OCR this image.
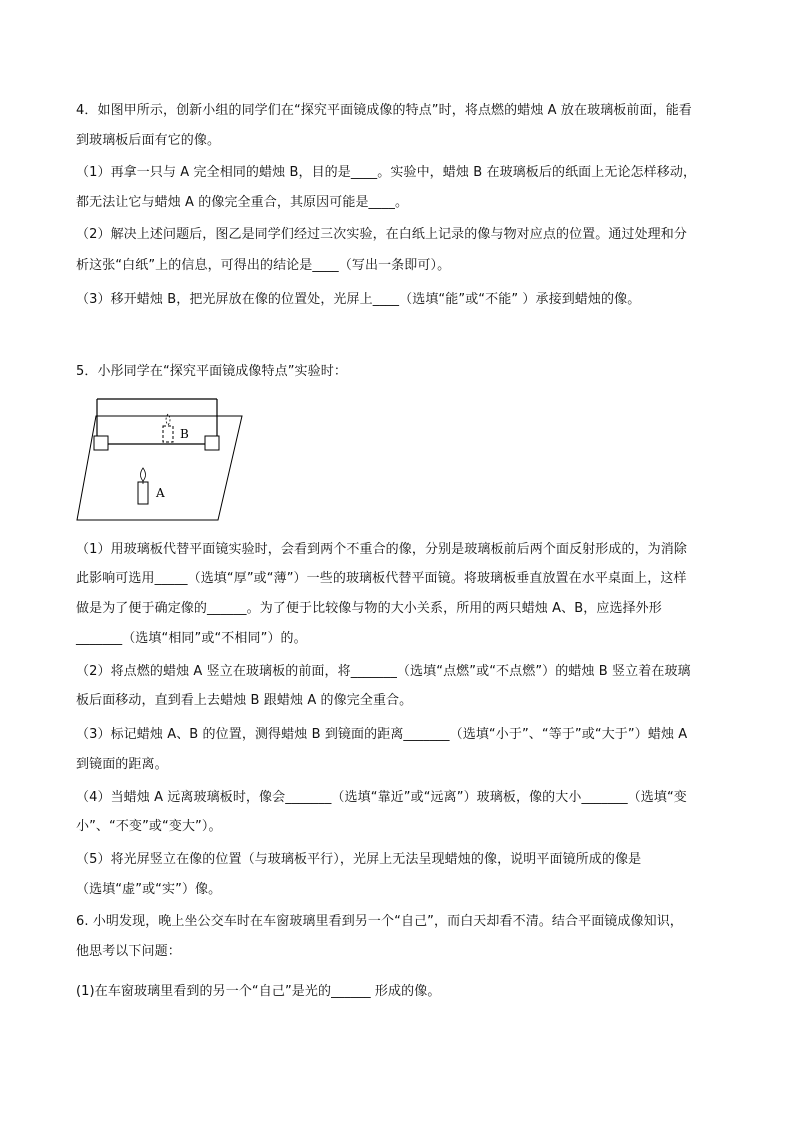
4．如图甲所示，创新小组的同学们在“探究平面镜成像的特点”时，将点燃的蜡烛 A 放在玻璃板前面，能看
到玻璃板后面有它的像。
（1）再拿一只与 A 完全相同的蜡烛 B，目的是____。实验中，蜡烛 B 在玻璃板后的纸面上无论怎样移动，
都无法让它与蜡烛 A 的像完全重合，其原因可能是____。
（2）解决上述问题后，图乙是同学们经过三次实验，在白纸上记录的像与物对应点的位置。通过处理和分
析这张“白纸”上的信息，可得出的结论是____（写出一条即可）。
（3）移开蜡烛 B，把光屏放在像的位置处，光屏上____（选填“能”或“不能” ）承接到蜡烛的像。
5．小彤同学在“探究平面镜成像特点”实验时：
B
A
（1）用玻璃板代替平面镜实验时，会看到两个不重合的像，分别是玻璃板前后两个面反射形成的，为消除
此影响可选用_____（选填“厚”或“薄”）一些的玻璃板代替平面镜。将玻璃板垂直放置在水平桌面上，这样
做是为了便于确定像的______。为了便于比较像与物的大小关系，所用的两只蜡烛 A、B，应选择外形
_______（选填“相同”或“不相同”）的。
（2）将点燃的蜡烛 A 竖立在玻璃板的前面，将_______（选填“点燃”或“不点燃”）的蜡烛 B 竖立着在玻璃
板后面移动，直到看上去蜡烛 B 跟蜡烛 A 的像完全重合。
（3）标记蜡烛 A、B 的位置，测得蜡烛 B 到镜面的距离_______（选填“小于”、“等于”或“大于”）蜡烛 A
到镜面的距离。
（4）当蜡烛 A 远离玻璃板时，像会_______（选填“靠近”或“远离”）玻璃板，像的大小_______（选填“变
小”、“不变”或“变大”）。
（5）将光屏竖立在像的位置（与玻璃板平行），光屏上无法呈现蜡烛的像，说明平面镜所成的像是
（选填“虚”或“实”）像。
6. 小明发现，晚上坐公交车时在车窗玻璃里看到另一个“自己”，而白天却看不清。结合平面镜成像知识，
他思考以下问题：
(1)在车窗玻璃里看到的另一个“自己”是光的______ 形成的像。
